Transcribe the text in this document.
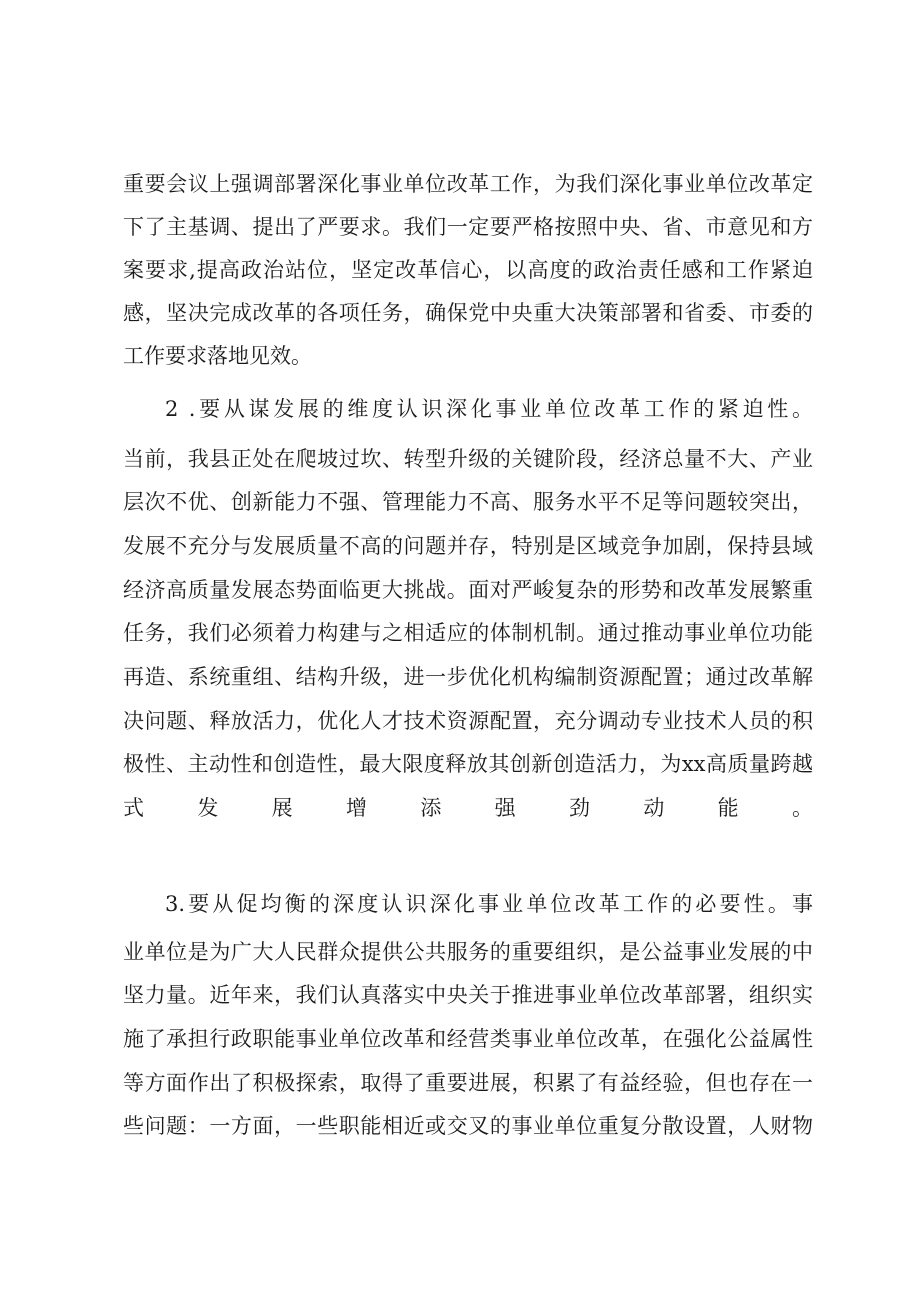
重要会议上强调部署深化事业单位改革工作，为我们深化事业单位改革定
下了主基调、提出了严要求。我们一定要严格按照中央、省、市意见和方
案要求,提高政治站位，坚定改革信心，以高度的政治责任感和工作紧迫
感，坚决完成改革的各项任务，确保党中央重大决策部署和省委、市委的
工作要求落地见效。
2 .要从谋发展的维度认识深化事业单位改革工作的紧迫性。
当前，我县正处在爬坡过坎、转型升级的关键阶段，经济总量不大、产业
层次不优、创新能力不强、管理能力不高、服务水平不足等问题较突出，
发展不充分与发展质量不高的问题并存，特别是区域竞争加剧，保持县域
经济高质量发展态势面临更大挑战。面对严峻复杂的形势和改革发展繁重
任务，我们必须着力构建与之相适应的体制机制。通过推动事业单位功能
再造、系统重组、结构升级，进一步优化机构编制资源配置；通过改革解
决问题、释放活力，优化人才技术资源配置，充分调动专业技术人员的积
极性、主动性和创造性，最大限度释放其创新创造活力，为xx高质量跨越
式发展增添强劲动能。
3.要从促均衡的深度认识深化事业单位改革工作的必要性。事
业单位是为广大人民群众提供公共服务的重要组织，是公益事业发展的中
坚力量。近年来，我们认真落实中央关于推进事业单位改革部署，组织实
施了承担行政职能事业单位改革和经营类事业单位改革，在强化公益属性
等方面作出了积极探索，取得了重要进展，积累了有益经验，但也存在一
些问题：一方面，一些职能相近或交叉的事业单位重复分散设置，人财物
